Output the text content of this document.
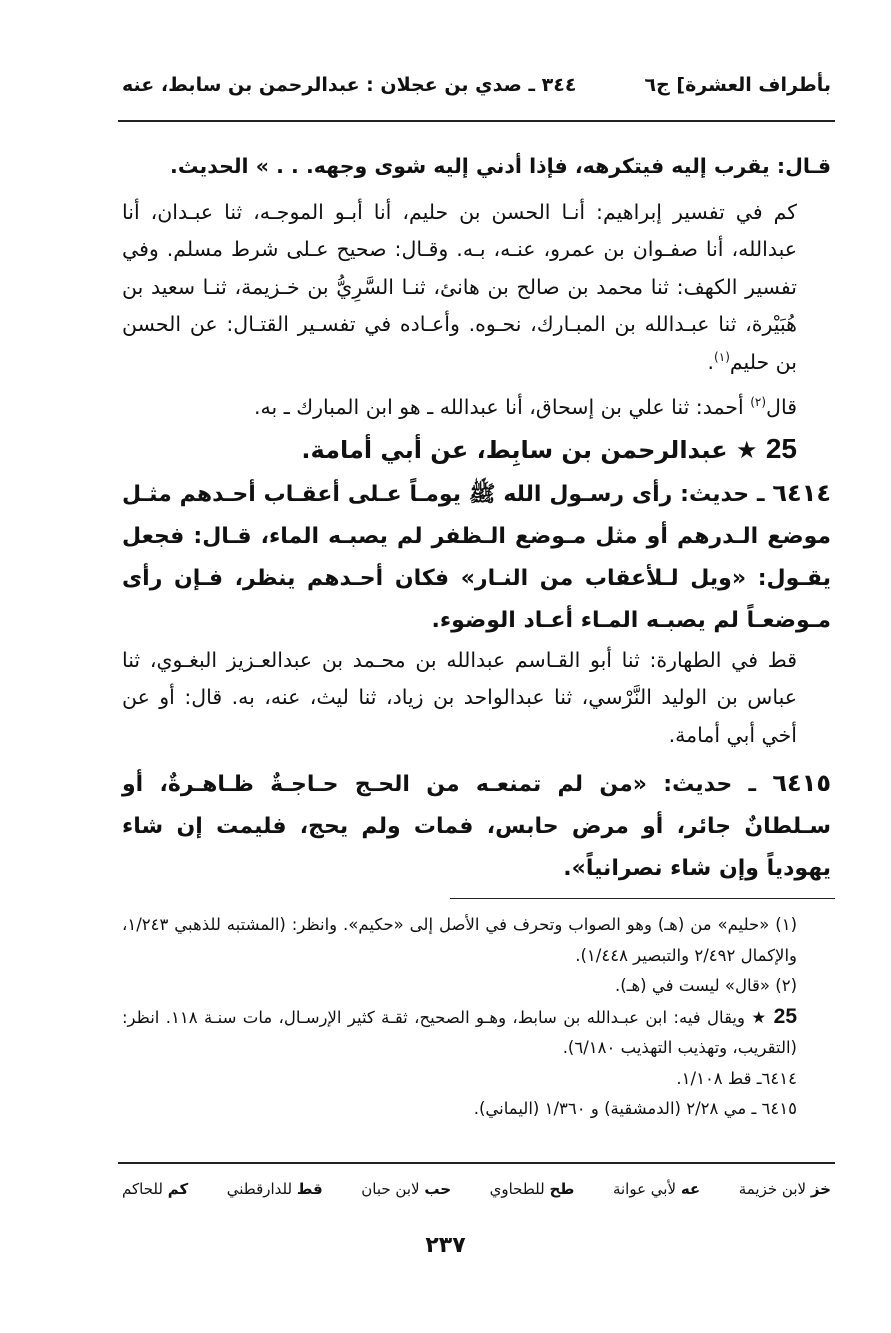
بأطراف العشرة] ج٦
٣٤٤ ـ صدي بن عجلان : عبدالرحمن بن سابط، عنه

قـال: يقرب إليه فيتكرهه، فإذا أدني إليه شوى وجهه. . . » الحديث.

كم في تفسير إبراهيم: أنـا الحسن بن حليم، أنا أبـو الموجـه، ثنا عبـدان، أنا عبدالله، أنا صفـوان بن عمرو، عنـه، بـه. وقـال: صحيح عـلى شرط مسلم. وفي تفسير الكهف: ثنا محمد بن صالح بن هانئ، ثنـا السَّرِيُّ بن خـزيمة، ثنـا سعيد بن هُبَيْرة، ثنا عبـدالله بن المبـارك، نحـوه. وأعـاده في تفسـير القتـال: عن الحسن بن حليم$^{(١)}$.

قال$^{(٢)}$ أحمد: ثنا علي بن إسحاق، أنا عبدالله ـ هو ابن المبارك ـ به.

25 ★ عبدالرحمن بن سابِط، عن أبي أمامة.

٦٤١٤ ـ حديث: رأى رسـول الله ﷺ يومـاً عـلى أعقـاب أحـدهم مثـل موضع الـدرهم أو مثل مـوضع الـظفر لم يصبـه الماء، قـال: فجعل يقـول: «ويل لـلأعقاب من النـار» فكان أحـدهم ينظر، فـإن رأى مـوضعـاً لم يصبـه المـاء أعـاد الوضوء.

قط في الطهارة: ثنا أبو القـاسم عبدالله بن محـمد بن عبدالعـزيز البغـوي، ثنا عباس بن الوليد النَّرْسي، ثنا عبدالواحد بن زياد، ثنا ليث، عنه، به. قال: أو عن أخي أبي أمامة.

٦٤١٥ ـ حديث: «من لم تمنعـه من الحـج حـاجـةٌ ظـاهـرةٌ، أو سـلطانٌ جائر، أو مرض حابس، فمات ولم يحج، فليمت إن شاء يهودياً وإن شاء نصرانياً».

(١) «حليم» من (هـ) وهو الصواب وتحرف في الأصل إلى «حكيم». وانظر: (المشتبه للذهبي ١/٢٤٣، والإكمال ٢/٤٩٢ والتبصير ١/٤٤٨).

(٢) «قال» ليست في (هـ).

25 ★ ويقال فيه: ابن عبـدالله بن سابط، وهـو الصحيح، ثقـة كثير الإرسـال، مات سنـة ١١٨. انظر: (التقريب، وتهذيب التهذيب ٦/١٨٠).

٦٤١٤ـ قط ١/١٠٨.

٦٤١٥ ـ مي ٢/٢٨ (الدمشقية) و ١/٣٦٠ (اليماني).

خز لابن خزيمة
عه لأبي عوانة
طح للطحاوي
حب لابن حبان
قط للدارقطني
كم للحاكم
٢٣٧
